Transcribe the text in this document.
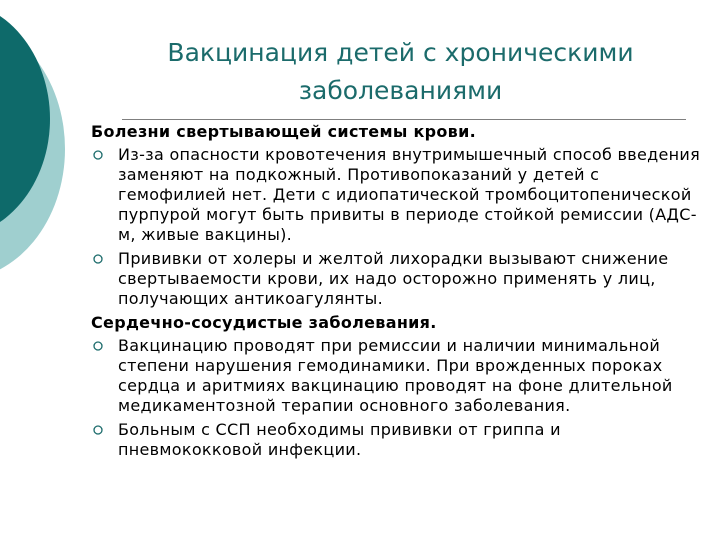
Вакцинация детей с хроническими заболеваниями
Болезни свертывающей системы крови.
Из-за опасности кровотечения внутримышечный способ введения заменяют на подкожный. Противопоказаний у детей с гемофилией нет. Дети с идиопатической тромбоцитопенической пурпурой могут быть привиты в периоде стойкой ремиссии (АДС-м, живые вакцины).
Прививки от холеры и желтой лихорадки вызывают снижение свертываемости крови, их надо осторожно применять у лиц, получающих антикоагулянты.
Сердечно-сосудистые заболевания.
Вакцинацию проводят при ремиссии и наличии минимальной степени нарушения гемодинамики. При врожденных пороках сердца и аритмиях вакцинацию проводят на фоне длительной медикаментозной терапии основного заболевания.
Больным с ССП необходимы прививки от гриппа и пневмококковой инфекции.
